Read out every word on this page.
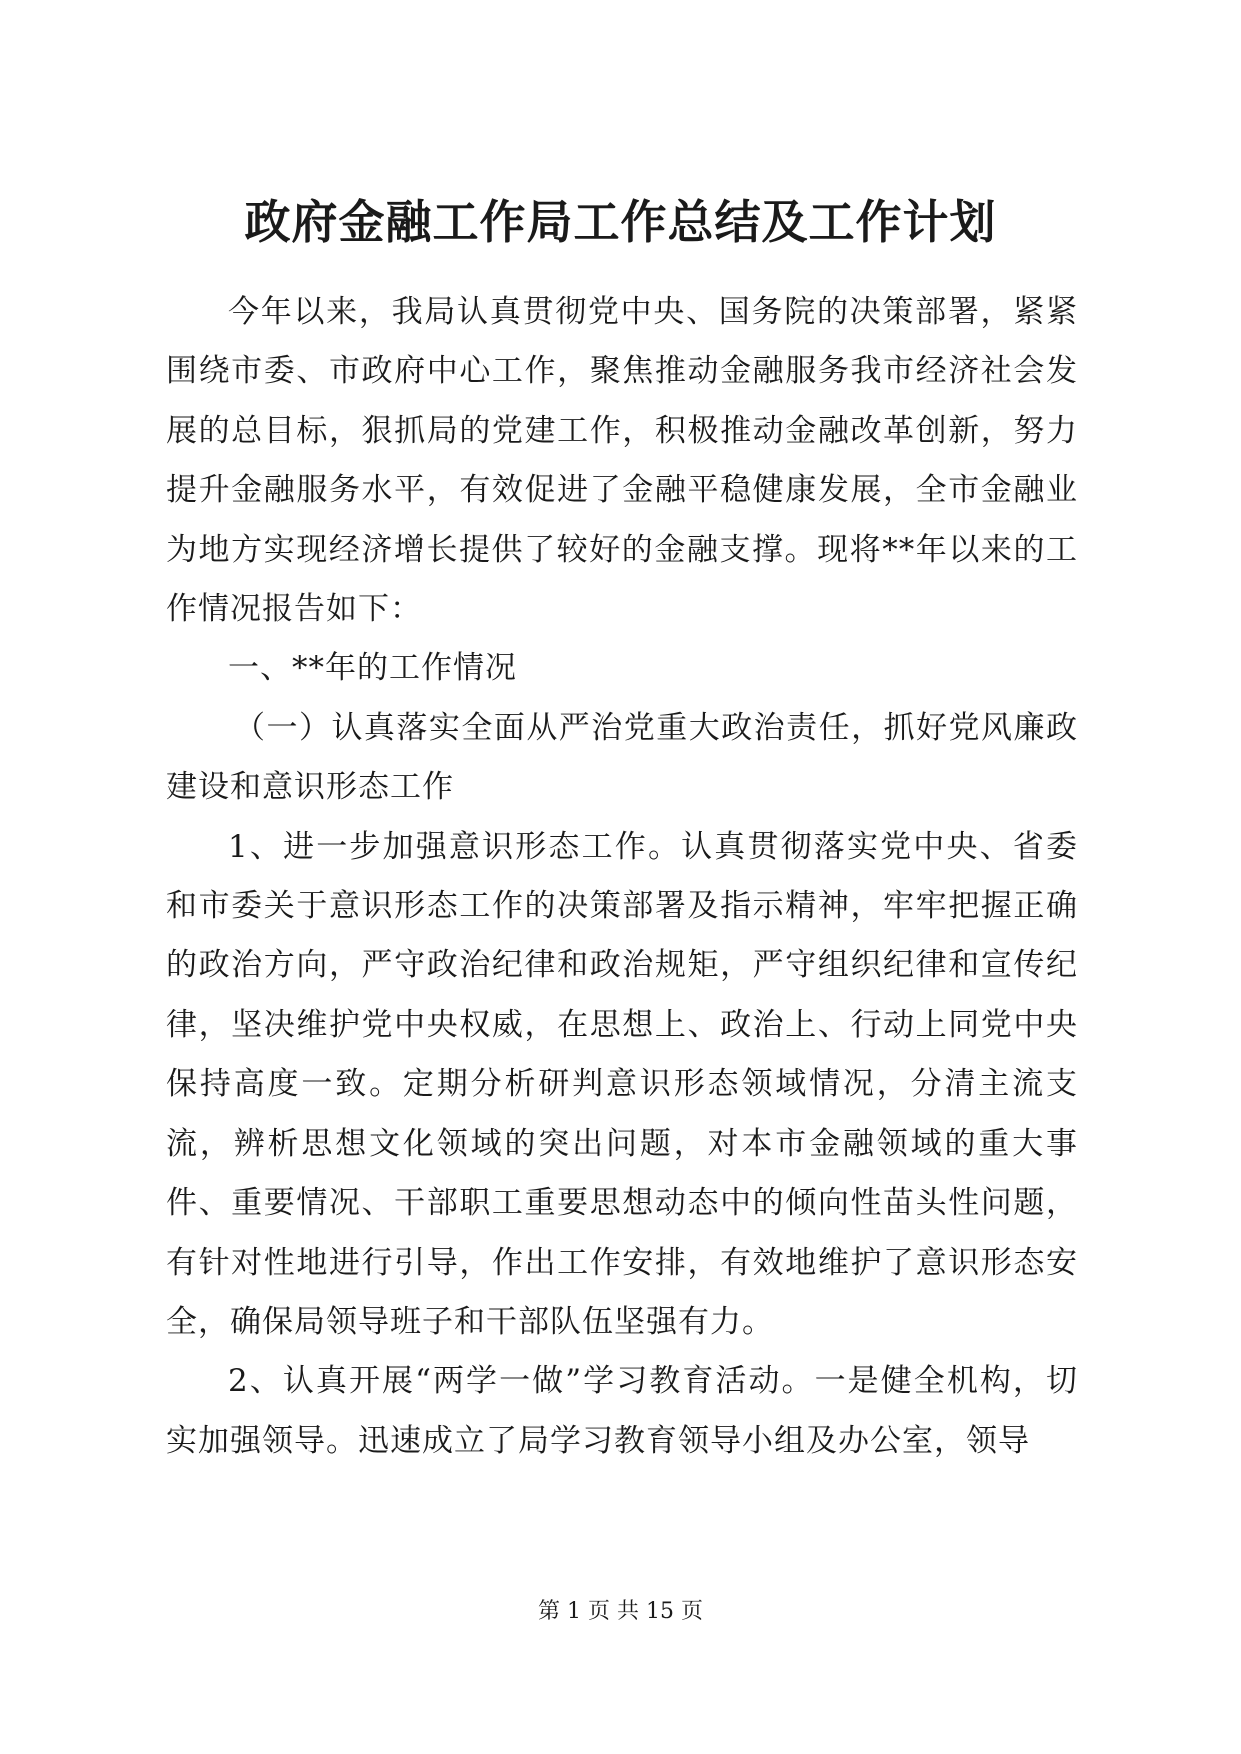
政府金融工作局工作总结及工作计划

今年以来，我局认真贯彻党中央、国务院的决策部署，紧紧围绕市委、市政府中心工作，聚焦推动金融服务我市经济社会发展的总目标，狠抓局的党建工作，积极推动金融改革创新，努力提升金融服务水平，有效促进了金融平稳健康发展，全市金融业为地方实现经济增长提供了较好的金融支撑。现将**年以来的工作情况报告如下：

一、**年的工作情况

（一）认真落实全面从严治党重大政治责任，抓好党风廉政建设和意识形态工作

1、进一步加强意识形态工作。认真贯彻落实党中央、省委和市委关于意识形态工作的决策部署及指示精神，牢牢把握正确的政治方向，严守政治纪律和政治规矩，严守组织纪律和宣传纪律，坚决维护党中央权威，在思想上、政治上、行动上同党中央保持高度一致。定期分析研判意识形态领域情况，分清主流支流，辨析思想文化领域的突出问题，对本市金融领域的重大事件、重要情况、干部职工重要思想动态中的倾向性苗头性问题，有针对性地进行引导，作出工作安排，有效地维护了意识形态安全，确保局领导班子和干部队伍坚强有力。

2、认真开展“两学一做”学习教育活动。一是健全机构，切实加强领导。迅速成立了局学习教育领导小组及办公室，领导

第 1 页 共 15 页
